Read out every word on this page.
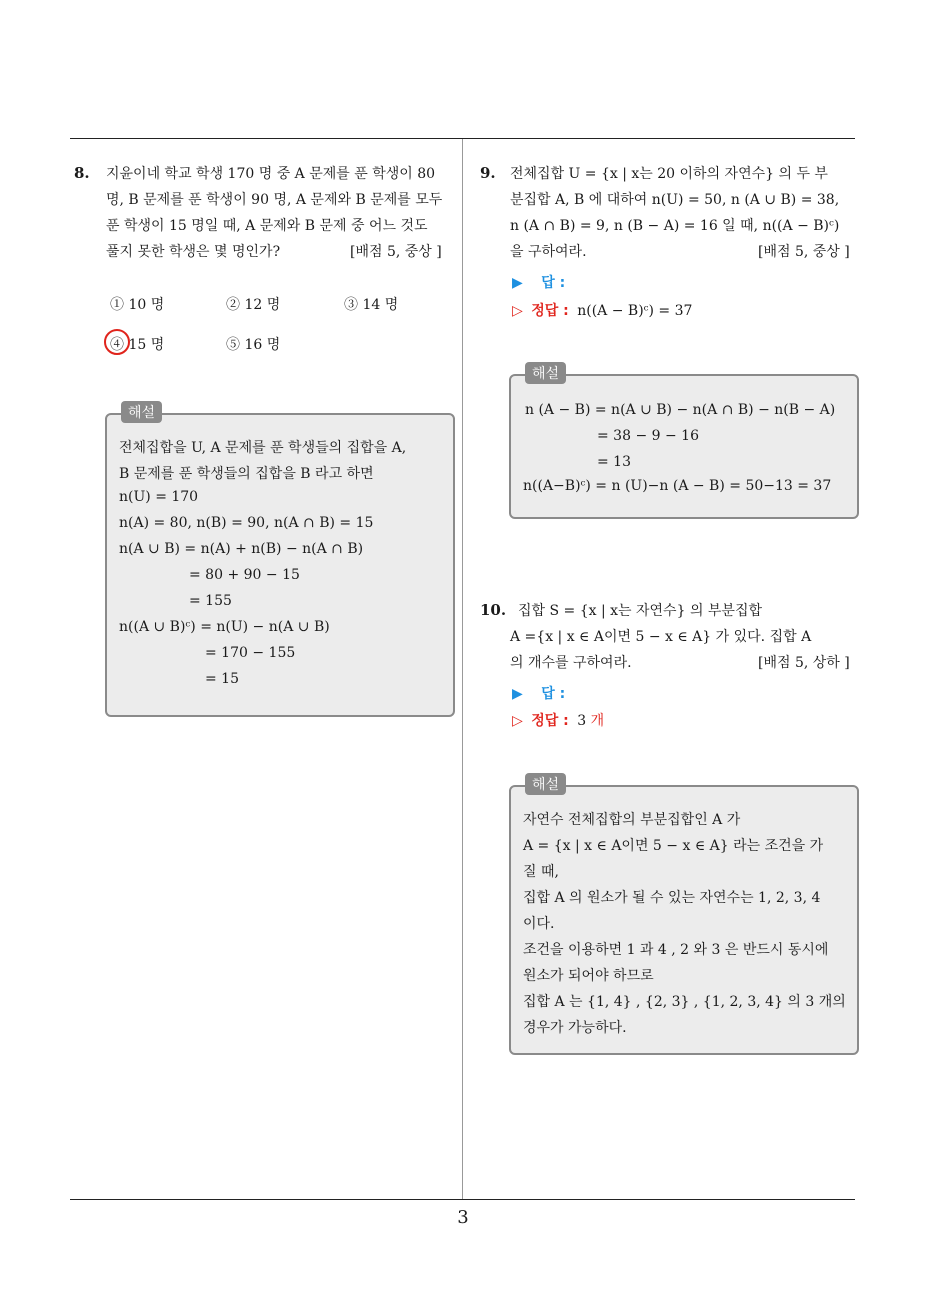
3
8. 지윤이네 학교 학생 170 명 중 A 문제를 푼 학생이 80
명, B 문제를 푼 학생이 90 명, A 문제와 B 문제를 모두
푼 학생이 15 명일 때, A 문제와 B 문제 중 어느 것도
풀지 못한 학생은 몇 명인가?	[배점 5, 중상 ]
① 10 명	② 12 명	③ 14 명
④ 15 명	⑤ 16 명
해설
전체집합을 U, A 문제를 푼 학생들의 집합을 A,
B 문제를 푼 학생들의 집합을 B 라고 하면
n(U) = 170
n(A) = 80, n(B) = 90, n(A ∩ B) = 15
n(A ∪ B) = n(A) + n(B) − n(A ∩ B)
= 80 + 90 − 15
= 155
n((A ∪ B)ᶜ) = n(U) − n(A ∪ B)
= 170 − 155
= 15
9. 전체집합 U = {x | x는 20 이하의 자연수} 의 두 부
분집합 A, B 에 대하여 n(U) = 50, n (A ∪ B) = 38,
n (A ∩ B) = 9, n (B − A) = 16 일 때, n((A − B)ᶜ)
을 구하여라.	[배점 5, 중상 ]
▶ 답 :
▷ 정답 : n((A − B)ᶜ) = 37
해설
n (A − B) = n(A ∪ B) − n(A ∩ B) − n(B − A)
= 38 − 9 − 16
= 13
n((A−B)ᶜ) = n (U)−n (A − B) = 50−13 = 37
10. 집합 S = {x | x는 자연수} 의 부분집합
A ={x | x ∈ A이면 5 − x ∈ A} 가 있다. 집합 A
의 개수를 구하여라.	[배점 5, 상하 ]
▶ 답 :
▷ 정답 : 3 개
해설
자연수 전체집합의 부분집합인 A 가
A = {x | x ∈ A이면 5 − x ∈ A} 라는 조건을 가
질 때,
집합 A 의 원소가 될 수 있는 자연수는 1, 2, 3, 4
이다.
조건을 이용하면 1 과 4 , 2 와 3 은 반드시 동시에
원소가 되어야 하므로
집합 A 는 {1, 4} , {2, 3} , {1, 2, 3, 4} 의 3 개의
경우가 가능하다.
